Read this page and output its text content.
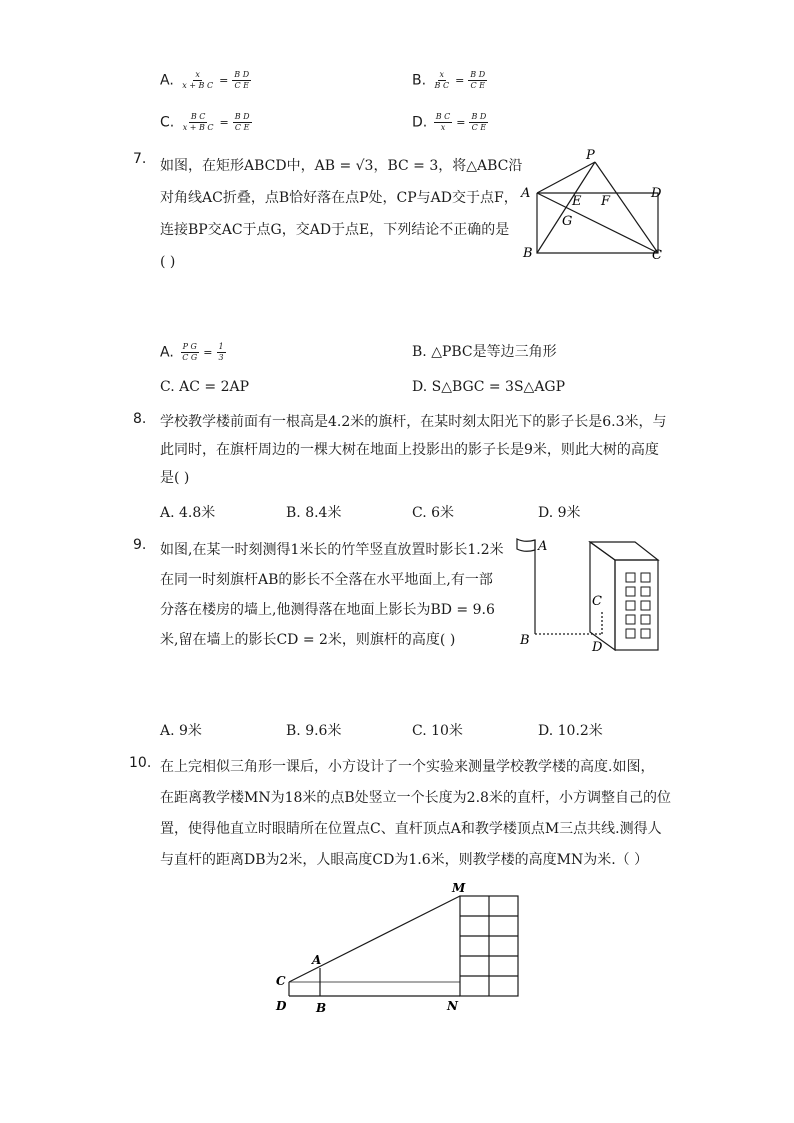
A. $\frac{x}{\text{x + B C}} = \frac{\text{B D}}{\text{C E}}$	B. $\frac{x}{\text{B C}} = \frac{\text{B D}}{\text{C E}}$
C. $\frac{\text{B C}}{\text{x + B C}} = \frac{\text{B D}}{\text{C E}}$	D. $\frac{\text{B C}}{x} = \frac{\text{B D}}{\text{C E}}$
7. 如图，在矩形ABCD中，AB = √3，BC = 3，将△ABC沿
对角线AC折叠，点B恰好落在点P处，CP与AD交于点F，
连接BP交AC于点G，交AD于点E，下列结论不正确的是
( )
P
A	D
E F
G
B	C
A. $\frac{\text{P G}}{\text{C G}} = \frac{1}{3}$	B. △PBC是等边三角形
C. AC = 2AP	D. S△BGC = 3S△AGP
8. 学校教学楼前面有一根高是4.2米的旗杆，在某时刻太阳光下的影子长是6.3米，与
此同时，在旗杆周边的一棵大树在地面上投影出的影子长是9米，则此大树的高度
是( )
A. 4.8米	B. 8.4米	C. 6米	D. 9米
9. 如图,在某一时刻测得1米长的竹竿竖直放置时影长1.2米
在同一时刻旗杆AB的影长不全落在水平地面上,有一部
分落在楼房的墙上,他测得落在地面上影长为BD = 9.6
米,留在墙上的影长CD = 2米，则旗杆的高度( )
A
B
C
D
A. 9米	B. 9.6米	C. 10米	D. 10.2米
10. 在上完相似三角形一课后，小方设计了一个实验来测量学校教学楼的高度.如图，
在距离教学楼MN为18米的点B处竖立一个长度为2.8米的直杆，小方调整自己的位
置，使得他直立时眼睛所在位置点C、直杆顶点A和教学楼顶点M三点共线.测得人
与直杆的距离DB为2米，人眼高度CD为1.6米，则教学楼的高度MN为米.（ ）
M
A
C
D B	N
